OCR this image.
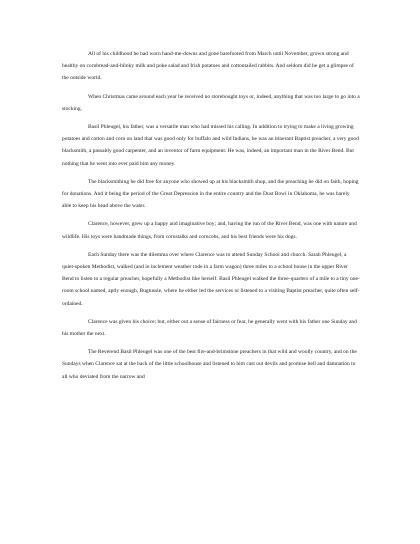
All of his childhood he had worn hand-me-downs and gone barefooted from March until November, grown strong and healthy on cornbread-and-blinky milk and poke salad and Irish potatoes and cottontailed rabbits. And seldom did he get a glimpse of the outside world.

When Christmas came around each year he received no storebought toys or, indeed, anything that was too large to go into a stocking.

Basil Phleugel, his father, was a versatile man who had missed his calling. In addition to trying to make a living growing potatoes and cotton and corn on land that was good only for buffalo and wild Indians, he was an itinerant Baptist preacher, a very good blacksmith, a passably good carpenter, and an inventor of farm equipment. He was, indeed, an important man in the River Bend. But nothing that he went into ever paid him any money.

The blacksmithing he did free for anyone who showed up at his blacksmith shop, and the preaching he did on faith, hoping for donations. And it being the period of the Great Depression in the entire country and the Dust Bowl in Oklahoma, he was barely able to keep his head above the water.

Clarence, however, grew up a happy and imaginative boy; and, having the run of the River Bend, was one with nature and wildlife. His toys were handmade things, from cornstalks and corncobs, and his best friends were his dogs.

Each Sunday there was the dilemma over where Clarence was to attend Sunday School and church. Sarah Phleugel, a quiet-spoken Methodist, walked (and in inclement weather rode in a farm wagon) three miles to a school house in the upper River Bend to listen to a regular preacher, hopefully a Methodist like herself. Basil Phleugel walked the three-quarters of a mile to a tiny one-room school named, aptly enough, Bugtussle, where he either led the services or listened to a visiting Baptist preacher, quite often self-ordained.

Clarence was given his choice; but, either out a sense of fairness or fear, he generally went with his father one Sunday and his mother the next.

The Reverend Basil Phleugel was one of the best fire-and-brimstone preachers in that wild and woolly country, and on the Sundays when Clarence sat at the back of the little schoolhouse and listened to him cast out devils and promise hell and damnation to all who deviated from the narrow and
